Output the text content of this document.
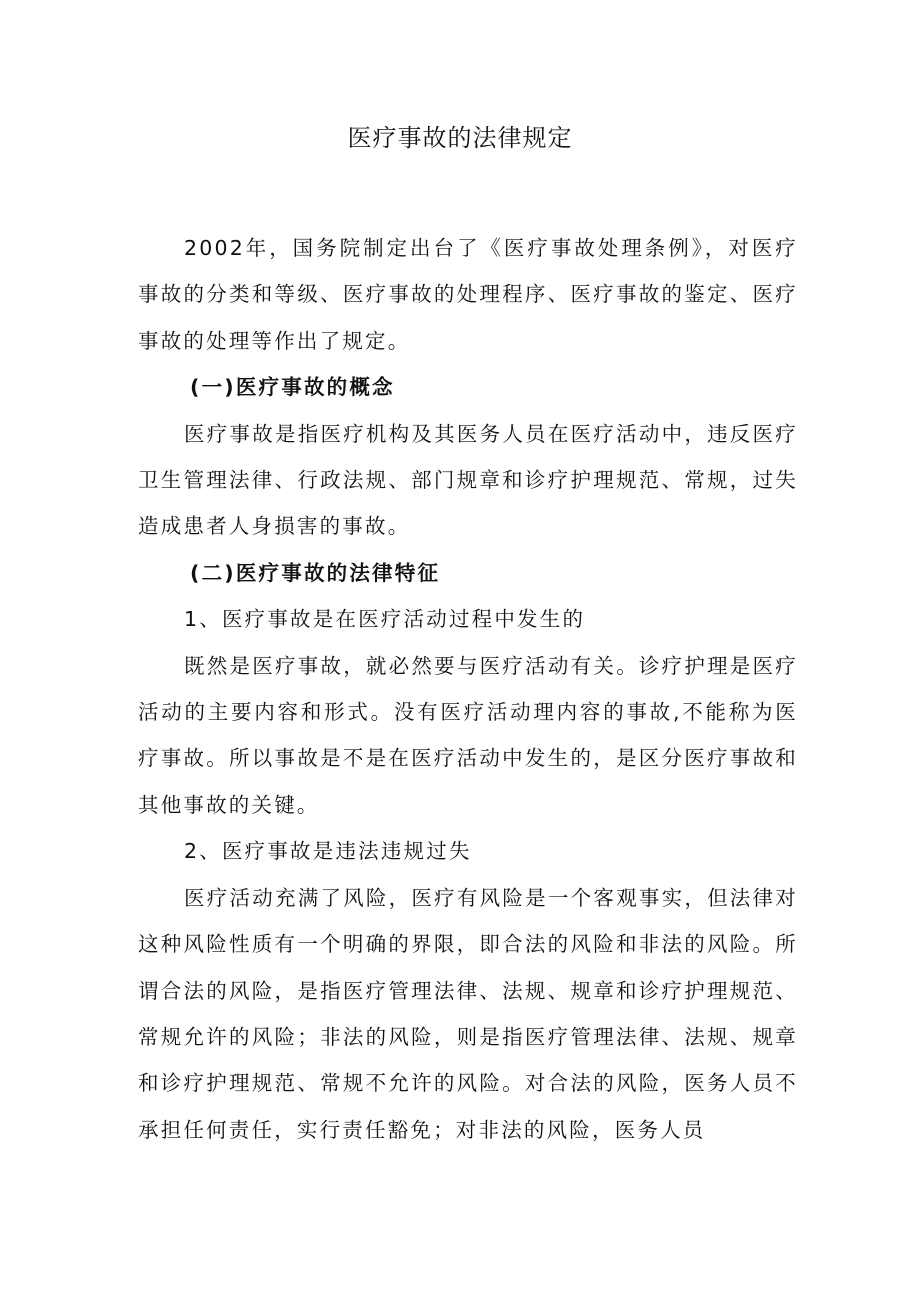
医疗事故的法律规定

2002年，国务院制定出台了《医疗事故处理条例》，对医疗事故的分类和等级、医疗事故的处理程序、医疗事故的鉴定、医疗事故的处理等作出了规定。

(一)医疗事故的概念

医疗事故是指医疗机构及其医务人员在医疗活动中，违反医疗卫生管理法律、行政法规、部门规章和诊疗护理规范、常规，过失造成患者人身损害的事故。

(二)医疗事故的法律特征

1、医疗事故是在医疗活动过程中发生的

既然是医疗事故，就必然要与医疗活动有关。诊疗护理是医疗活动的主要内容和形式。没有医疗活动理内容的事故,不能称为医疗事故。所以事故是不是在医疗活动中发生的，是区分医疗事故和其他事故的关键。

2、医疗事故是违法违规过失

医疗活动充满了风险，医疗有风险是一个客观事实，但法律对这种风险性质有一个明确的界限，即合法的风险和非法的风险。所谓合法的风险，是指医疗管理法律、法规、规章和诊疗护理规范、常规允许的风险；非法的风险，则是指医疗管理法律、法规、规章和诊疗护理规范、常规不允许的风险。对合法的风险，医务人员不承担任何责任，实行责任豁免；对非法的风险，医务人员
